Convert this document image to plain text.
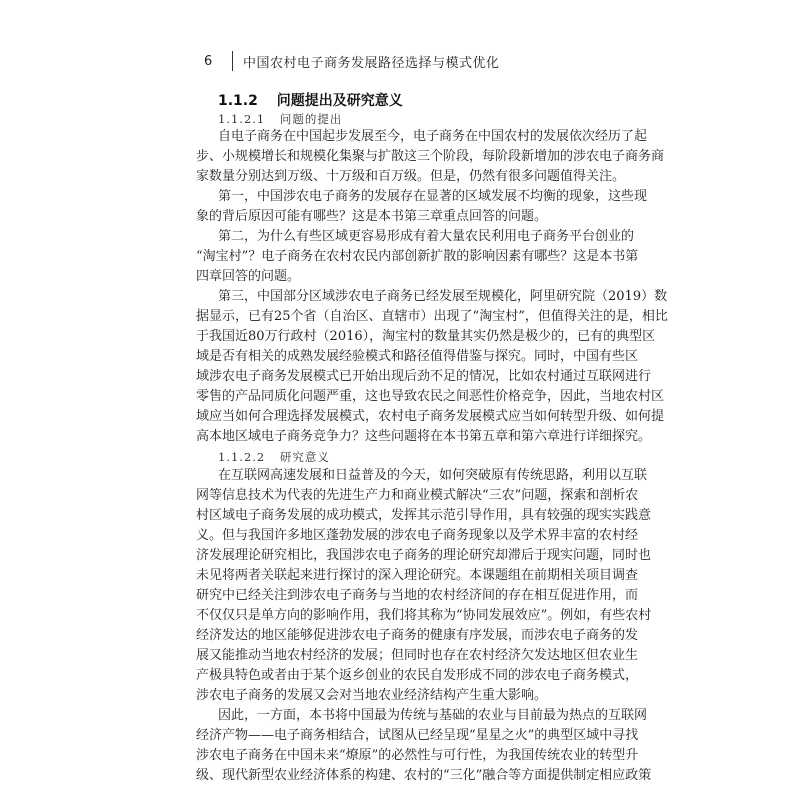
6	中国农村电子商务发展路径选择与模式优化
1.1.2 问题提出及研究意义
1.1.2.1 问题的提出
自电子商务在中国起步发展至今，电子商务在中国农村的发展依次经历了起
步、小规模增长和规模化集聚与扩散这三个阶段，每阶段新增加的涉农电子商务商
家数量分别达到万级、十万级和百万级。但是，仍然有很多问题值得关注。
第一，中国涉农电子商务的发展存在显著的区域发展不均衡的现象，这些现
象的背后原因可能有哪些？这是本书第三章重点回答的问题。
第二，为什么有些区域更容易形成有着大量农民利用电子商务平台创业的
“淘宝村”？电子商务在农村农民内部创新扩散的影响因素有哪些？这是本书第
四章回答的问题。
第三，中国部分区域涉农电子商务已经发展至规模化，阿里研究院（2019）数
据显示，已有25个省（自治区、直辖市）出现了“淘宝村”，但值得关注的是，相比
于我国近80万行政村（2016），淘宝村的数量其实仍然是极少的，已有的典型区
域是否有相关的成熟发展经验模式和路径值得借鉴与探究。同时，中国有些区
域涉农电子商务发展模式已开始出现后劲不足的情况，比如农村通过互联网进行
零售的产品同质化问题严重，这也导致农民之间恶性价格竞争，因此，当地农村区
域应当如何合理选择发展模式，农村电子商务发展模式应当如何转型升级、如何提
高本地区域电子商务竞争力？这些问题将在本书第五章和第六章进行详细探究。
1.1.2.2 研究意义
在互联网高速发展和日益普及的今天，如何突破原有传统思路，利用以互联
网等信息技术为代表的先进生产力和商业模式解决“三农”问题，探索和剖析农
村区域电子商务发展的成功模式，发挥其示范引导作用，具有较强的现实实践意
义。但与我国许多地区蓬勃发展的涉农电子商务现象以及学术界丰富的农村经
济发展理论研究相比，我国涉农电子商务的理论研究却滞后于现实问题，同时也
未见将两者关联起来进行探讨的深入理论研究。本课题组在前期相关项目调查
研究中已经关注到涉农电子商务与当地的农村经济间的存在相互促进作用，而
不仅仅只是单方向的影响作用，我们将其称为“协同发展效应”。例如，有些农村
经济发达的地区能够促进涉农电子商务的健康有序发展，而涉农电子商务的发
展又能推动当地农村经济的发展；但同时也存在农村经济欠发达地区但农业生
产极具特色或者由于某个返乡创业的农民自发形成不同的涉农电子商务模式，
涉农电子商务的发展又会对当地农业经济结构产生重大影响。
因此，一方面，本书将中国最为传统与基础的农业与目前最为热点的互联网
经济产物——电子商务相结合，试图从已经呈现“星星之火”的典型区域中寻找
涉农电子商务在中国未来“燎原”的必然性与可行性，为我国传统农业的转型升
级、现代新型农业经济体系的构建、农村的“三化”融合等方面提供制定相应政策
